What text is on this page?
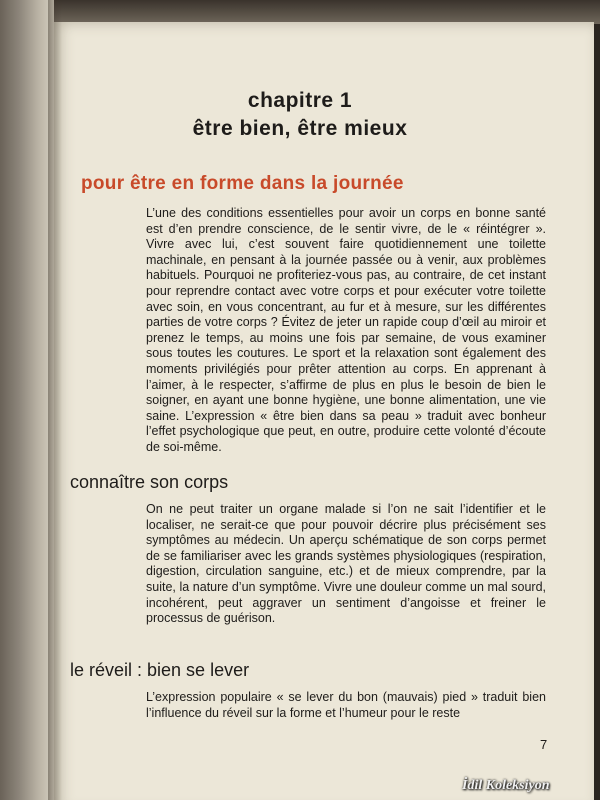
chapitre 1
être bien, être mieux
pour être en forme dans la journée

L’une des conditions essentielles pour avoir un corps en bonne santé est d’en prendre conscience, de le sentir vivre, de le « réintégrer ». Vivre avec lui, c’est souvent faire quotidiennement une toilette machinale, en pensant à la journée passée ou à venir, aux problèmes habituels. Pourquoi ne profiteriez-vous pas, au contraire, de cet instant pour reprendre contact avec votre corps et pour exécuter votre toilette avec soin, en vous concentrant, au fur et à mesure, sur les différentes parties de votre corps ? Évitez de jeter un rapide coup d’œil au miroir et prenez le temps, au moins une fois par semaine, de vous examiner sous toutes les coutures. Le sport et la relaxation sont également des moments privilégiés pour prêter attention au corps. En apprenant à l’aimer, à le respecter, s’affirme de plus en plus le besoin de bien le soigner, en ayant une bonne hygiène, une bonne alimentation, une vie saine. L’expression « être bien dans sa peau » traduit avec bonheur l’effet psychologique que peut, en outre, produire cette volonté d’écoute de soi-même.

connaître son corps

On ne peut traiter un organe malade si l’on ne sait l’identifier et le localiser, ne serait-ce que pour pouvoir décrire plus précisément ses symptômes au médecin. Un aperçu schématique de son corps permet de se familiariser avec les grands systèmes physiologiques (respiration, digestion, circulation sanguine, etc.) et de mieux comprendre, par la suite, la nature d’un symptôme. Vivre une douleur comme un mal sourd, incohérent, peut aggraver un sentiment d’angoisse et freiner le processus de guérison.

le réveil : bien se lever

L’expression populaire « se lever du bon (mauvais) pied » traduit bien l’influence du réveil sur la forme et l’humeur pour le reste

7
İdil Koleksiyon
